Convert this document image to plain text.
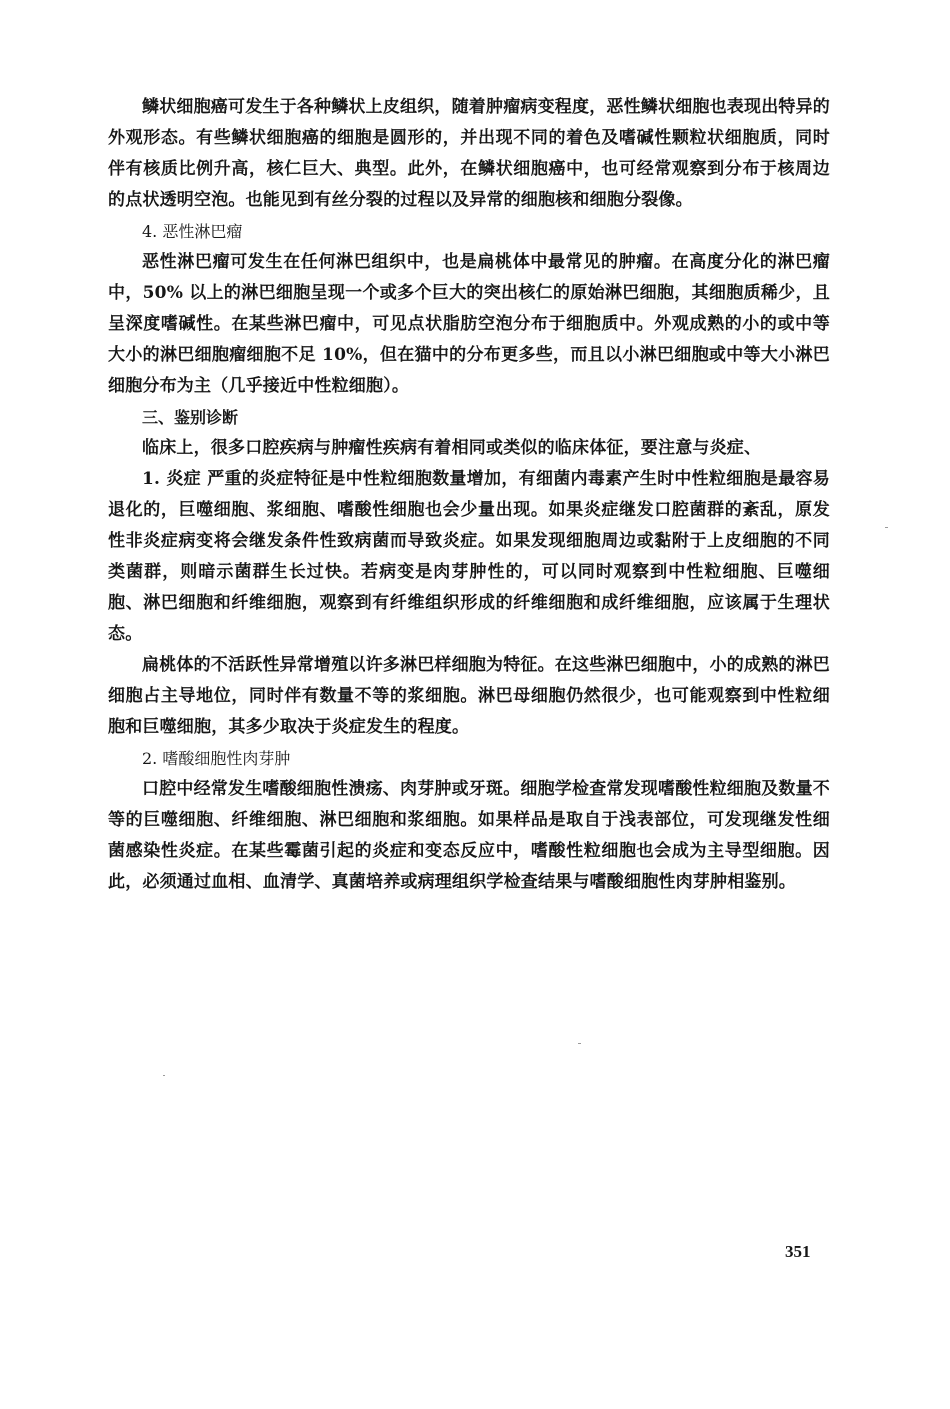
鳞状细胞癌可发生于各种鳞状上皮组织，随着肿瘤病变程度，恶性鳞状细胞也表现出特异的外观形态。有些鳞状细胞癌的细胞是圆形的，并出现不同的着色及嗜碱性颗粒状细胞质，同时伴有核质比例升高，核仁巨大、典型。此外，在鳞状细胞癌中，也可经常观察到分布于核周边的点状透明空泡。也能见到有丝分裂的过程以及异常的细胞核和细胞分裂像。

4. 恶性淋巴瘤

恶性淋巴瘤可发生在任何淋巴组织中，也是扁桃体中最常见的肿瘤。在高度分化的淋巴瘤中，50% 以上的淋巴细胞呈现一个或多个巨大的突出核仁的原始淋巴细胞，其细胞质稀少，且呈深度嗜碱性。在某些淋巴瘤中，可见点状脂肪空泡分布于细胞质中。外观成熟的小的或中等大小的淋巴细胞瘤细胞不足 10%，但在猫中的分布更多些，而且以小淋巴细胞或中等大小淋巴细胞分布为主（几乎接近中性粒细胞）。

三、鉴别诊断

临床上，很多口腔疾病与肿瘤性疾病有着相同或类似的临床体征，要注意与炎症、

1. 炎症 严重的炎症特征是中性粒细胞数量增加，有细菌内毒素产生时中性粒细胞是最容易退化的，巨噬细胞、浆细胞、嗜酸性细胞也会少量出现。如果炎症继发口腔菌群的紊乱，原发性非炎症病变将会继发条件性致病菌而导致炎症。如果发现细胞周边或黏附于上皮细胞的不同类菌群，则暗示菌群生长过快。若病变是肉芽肿性的，可以同时观察到中性粒细胞、巨噬细胞、淋巴细胞和纤维细胞，观察到有纤维组织形成的纤维细胞和成纤维细胞，应该属于生理状态。

扁桃体的不活跃性异常增殖以许多淋巴样细胞为特征。在这些淋巴细胞中，小的成熟的淋巴细胞占主导地位，同时伴有数量不等的浆细胞。淋巴母细胞仍然很少，也可能观察到中性粒细胞和巨噬细胞，其多少取决于炎症发生的程度。

2. 嗜酸细胞性肉芽肿

口腔中经常发生嗜酸细胞性溃疡、肉芽肿或牙斑。细胞学检查常发现嗜酸性粒细胞及数量不等的巨噬细胞、纤维细胞、淋巴细胞和浆细胞。如果样品是取自于浅表部位，可发现继发性细菌感染性炎症。在某些霉菌引起的炎症和变态反应中，嗜酸性粒细胞也会成为主导型细胞。因此，必须通过血相、血清学、真菌培养或病理组织学检查结果与嗜酸细胞性肉芽肿相鉴别。

351
